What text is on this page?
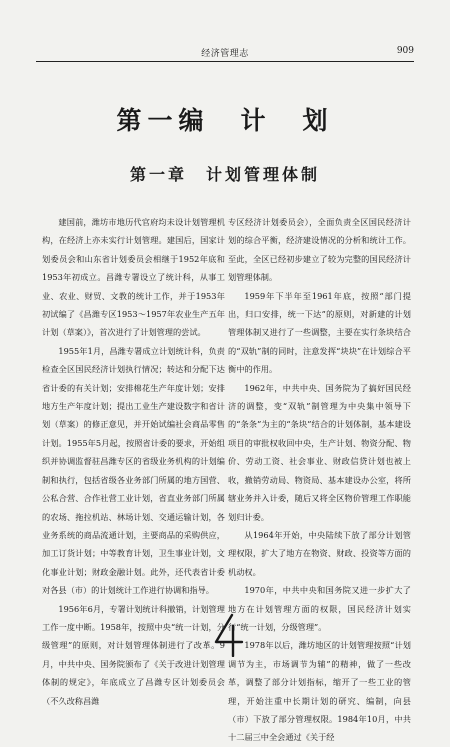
经济管理志	909
第一编　计　划
第一章　计划管理体制

建国前，潍坊市地历代官府均未设计划管理机构，在经济上亦未实行计划管理。建国后，国家计划委员会和山东省计划委员会相继于1952年底和1953年初成立。昌潍专署设立了统计科，从事工业、农业、财贸、文教的统计工作，并于1953年初试编了《昌潍专区1953～1957年农业生产五年计划（草案）》，首次进行了计划管理的尝试。

1955年1月，昌潍专署成立计划统计科，负责检查全区国民经济计划执行情况；转达和分配下达省计委的有关计划；安排棉花生产年度计划；安排地方生产年度计划；提出工业生产建设数字和省计划（草案）的修正意见，并开始试编社会商品零售计划。1955年5月起，按照省计委的要求，开始组织并协调监督驻昌潍专区的省级业务机构的计划编制和执行，包括省级各业务部门所属的地方国营、公私合营、合作社营工业计划，省直业务部门所属的农场、拖拉机站、林场计划、交通运输计划，各业务系统的商品流通计划，主要商品的采购供应，加工订货计划；中等教育计划，卫生事业计划，文化事业计划；财政金融计划。此外，还代表省计委对各县（市）的计划统计工作进行协调和指导。

1956年6月，专署计划统计科撤销，计划管理工作一度中断。1958年，按照中央“统一计划，分级管理”的原则，对计划管理体制进行了改革。9月，中共中央、国务院颁布了《关于改进计划管理体制的规定》，年底成立了昌潍专区计划委员会（不久改称昌潍

专区经济计划委员会），全面负责全区国民经济计划的综合平衡，经济建设情况的分析和统计工作。至此，全区已经初步建立了较为完整的国民经济计划管理体制。

1959年下半年至1961年底，按照“部门提出，归口安排，统一下达”的原则，对新建的计划管理体制又进行了一些调整，主要在实行条块结合的“双轨”制的同时，注意发挥“块块”在计划综合平衡中的作用。

1962年，中共中央、国务院为了搞好国民经济的调整，变“双轨”制管理为中央集中领导下的“条条”为主的“条块”结合的计划体制，基本建设项目的审批权收回中央，生产计划、物资分配、物价、劳动工资、社会事业、财政信贷计划也被上收，撤销劳动局、物资局、基本建设办公室，将所辖业务并入计委，随后又将全区物价管理工作职能划归计委。

从1964年开始，中央陆续下放了部分计划管理权限，扩大了地方在物资、财政、投资等方面的机动权。

1970年，中共中央和国务院又进一步扩大了地方在计划管理方面的权限，国民经济计划实行“统一计划，分级管理”。

1978年以后，潍坊地区的计划管理按照“计划调节为主，市场调节为辅”的精神，做了一些改革，调整了部分计划指标，缩开了一些工业的管理，开始注重中长期计划的研究、编制，向县（市）下放了部分管理权限。1984年10月，中共十二届三中全会通过《关于经
